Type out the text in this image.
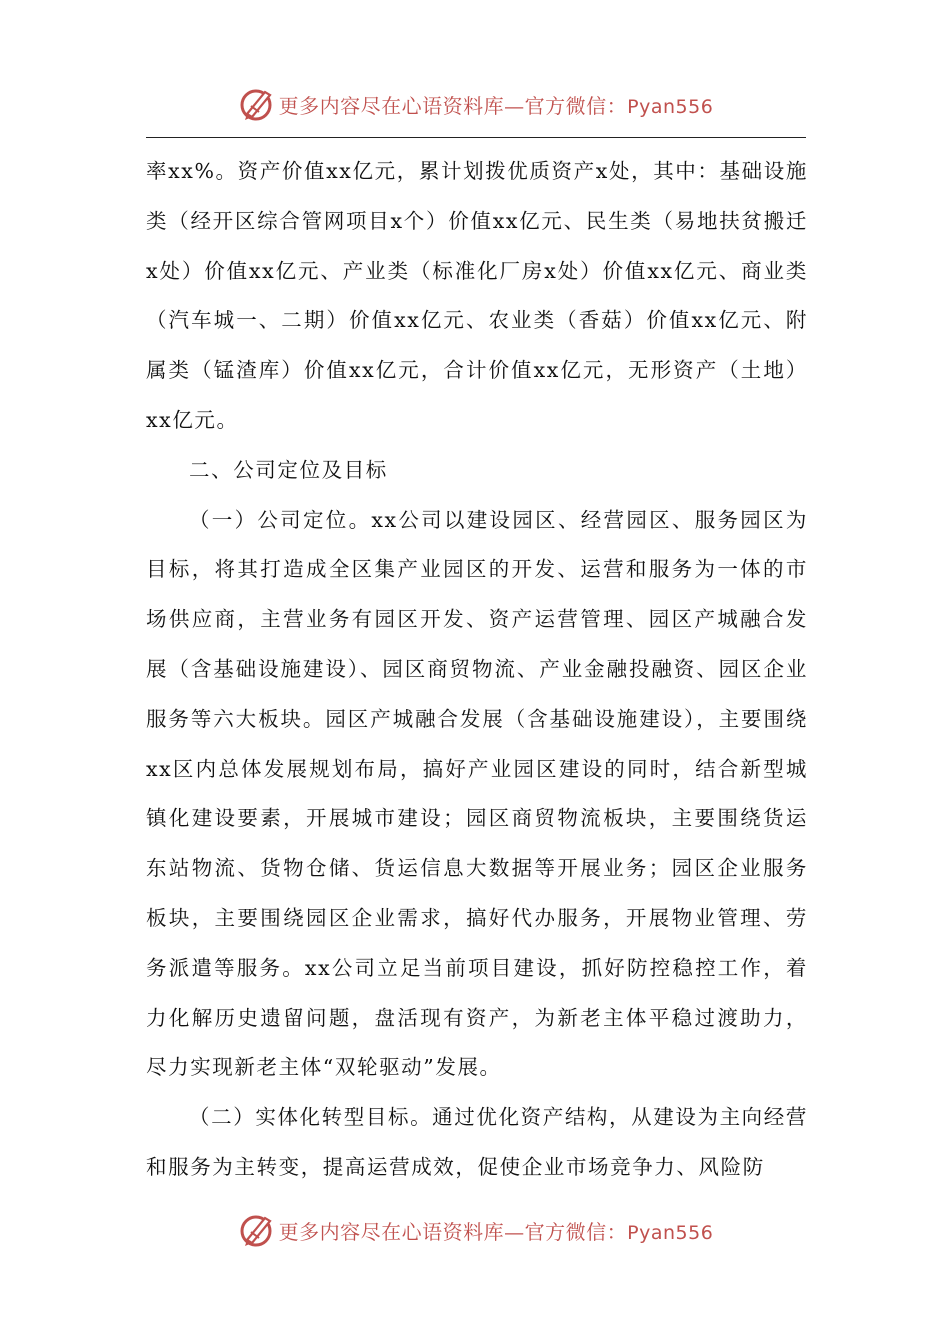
更多内容尽在心语资料库—官方微信：Pyan556

率xx%。资产价值xx亿元，累计划拨优质资产x处，其中：基础设施类（经开区综合管网项目x个）价值xx亿元、民生类（易地扶贫搬迁x处）价值xx亿元、产业类（标准化厂房x处）价值xx亿元、商业类（汽车城一、二期）价值xx亿元、农业类（香菇）价值xx亿元、附属类（锰渣库）价值xx亿元，合计价值xx亿元，无形资产（土地）xx亿元。

二、公司定位及目标

（一）公司定位。xx公司以建设园区、经营园区、服务园区为目标，将其打造成全区集产业园区的开发、运营和服务为一体的市场供应商，主营业务有园区开发、资产运营管理、园区产城融合发展（含基础设施建设）、园区商贸物流、产业金融投融资、园区企业服务等六大板块。园区产城融合发展（含基础设施建设），主要围绕xx区内总体发展规划布局，搞好产业园区建设的同时，结合新型城镇化建设要素，开展城市建设；园区商贸物流板块，主要围绕货运东站物流、货物仓储、货运信息大数据等开展业务；园区企业服务板块，主要围绕园区企业需求，搞好代办服务，开展物业管理、劳务派遣等服务。xx公司立足当前项目建设，抓好防控稳控工作，着力化解历史遗留问题，盘活现有资产，为新老主体平稳过渡助力，尽力实现新老主体“双轮驱动”发展。

（二）实体化转型目标。通过优化资产结构，从建设为主向经营和服务为主转变，提高运营成效，促使企业市场竞争力、风险防

更多内容尽在心语资料库—官方微信：Pyan556
